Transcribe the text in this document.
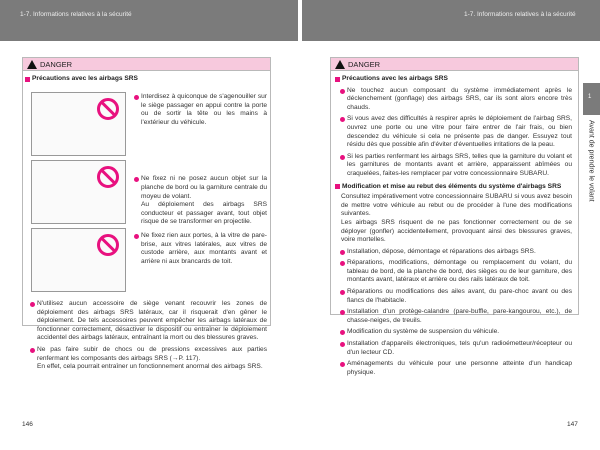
1-7. Informations relatives à la sécurité	1-7. Informations relatives à la sécurité
DANGER
Précautions avec les airbags SRS
Interdisez à quiconque de s'agenouiller sur le siège passager en appui contre la porte ou de sortir la tête ou les mains à l'extérieur du véhicule.
Ne fixez ni ne posez aucun objet sur la planche de bord ou la garniture centrale du moyeu de volant.
Au déploiement des airbags SRS conducteur et passager avant, tout objet risque de se transformer en projectile.
Ne fixez rien aux portes, à la vitre de pare-brise, aux vitres latérales, aux vitres de custode arrière, aux montants avant et arrière ni aux brancards de toit.
N'utilisez aucun accessoire de siège venant recouvrir les zones de déploiement des airbags SRS latéraux, car il risquerait d'en gêner le déploiement. De tels accessoires peuvent empêcher les airbags latéraux de fonctionner correctement, désactiver le dispositif ou entraîner le déploiement accidentel des airbags latéraux, entraînant la mort ou des blessures graves.
Ne pas faire subir de chocs ou de pressions excessives aux parties renfermant les composants des airbags SRS (→P. 117).
En effet, cela pourrait entraîner un fonctionnement anormal des airbags SRS.
DANGER
Précautions avec les airbags SRS
Ne touchez aucun composant du système immédiatement après le déclenchement (gonflage) des airbags SRS, car ils sont alors encore très chauds.
Si vous avez des difficultés à respirer après le déploiement de l'airbag SRS, ouvrez une porte ou une vitre pour faire entrer de l'air frais, ou bien descendez du véhicule si cela ne présente pas de danger. Essuyez tout résidu dès que possible afin d'éviter d'éventuelles irritations de la peau.
Si les parties renfermant les airbags SRS, telles que la garniture du volant et les garnitures de montants avant et arrière, apparaissent abîmées ou craquelées, faites-les remplacer par votre concessionnaire SUBARU.
Modification et mise au rebut des éléments du système d'airbags SRS
Consultez impérativement votre concessionnaire SUBARU si vous avez besoin de mettre votre véhicule au rebut ou de procéder à l'une des modifications suivantes.
Les airbags SRS risquent de ne pas fonctionner correctement ou de se déployer (gonfler) accidentellement, provoquant ainsi des blessures graves, voire mortelles.
Installation, dépose, démontage et réparations des airbags SRS.
Réparations, modifications, démontage ou remplacement du volant, du tableau de bord, de la planche de bord, des sièges ou de leur garniture, des montants avant, latéraux et arrière ou des rails latéraux de toit.
Réparations ou modifications des ailes avant, du pare-choc avant ou des flancs de l'habitacle.
Installation d'un protège-calandre (pare-buffle, pare-kangourou, etc.), de chasse-neiges, de treuils.
Modification du système de suspension du véhicule.
Installation d'appareils électroniques, tels qu'un radioémetteur/récepteur ou d'un lecteur CD.
Aménagements du véhicule pour une personne atteinte d'un handicap physique.
1
Avant de prendre le volant
146	147
